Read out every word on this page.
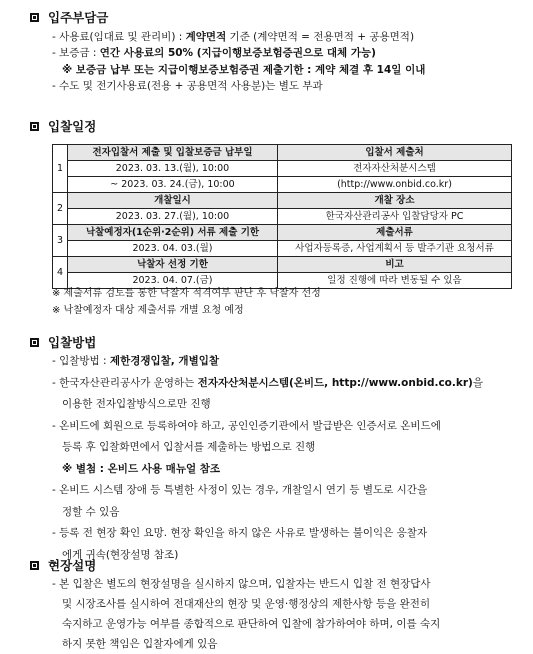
입주부담금
- 사용료(임대료 및 관리비) : 계약면적 기준 (계약면적 = 전용면적 + 공용면적)
- 보증금 : 연간 사용료의 50% (지급이행보증보험증권으로 대체 가능)
※ 보증금 납부 또는 지급이행보증보험증권 제출기한 : 계약 체결 후 14일 이내
- 수도 및 전기사용료(전용 + 공용면적 사용분)는 별도 부과
입찰일정
1	전자입찰서 제출 및 입찰보증금 납부일	입찰서 제출처
	2023. 03. 13.(월), 10:00	전자자산처분시스템
	~ 2023. 03. 24.(금), 10:00	(http://www.onbid.co.kr)
2	개찰일시	개찰 장소
	2023. 03. 27.(월), 10:00	한국자산관리공사 입찰담당자 PC
3	낙찰예정자(1순위·2순위) 서류 제출 기한	제출서류
	2023. 04. 03.(월)	사업자등록증, 사업계획서 등 발주기관 요청서류
4	낙찰자 선정 기한	비고
	2023. 04. 07.(금)	일정 진행에 따라 변동될 수 있음
※ 제출서류 검토를 통한 낙찰자 적격여부 판단 후 낙찰자 선정
※ 낙찰예정자 대상 제출서류 개별 요청 예정
입찰방법
- 입찰방법 : 제한경쟁입찰, 개별입찰
- 한국자산관리공사가 운영하는 전자자산처분시스템(온비드, http://www.onbid.co.kr)을
이용한 전자입찰방식으로만 진행
- 온비드에 회원으로 등록하여야 하고, 공인인증기관에서 발급받은 인증서로 온비드에
등록 후 입찰화면에서 입찰서를 제출하는 방법으로 진행
※ 별첨 : 온비드 사용 매뉴얼 참조
- 온비드 시스템 장애 등 특별한 사정이 있는 경우, 개찰일시 연기 등 별도로 시간을
정할 수 있음
- 등록 전 현장 확인 요망. 현장 확인을 하지 않은 사유로 발생하는 불이익은 응찰자
에게 귀속(현장설명 참조)
현장설명
- 본 입찰은 별도의 현장설명을 실시하지 않으며, 입찰자는 반드시 입찰 전 현장답사
및 시장조사를 실시하여 전대재산의 현장 및 운영·행정상의 제한사항 등을 완전히
숙지하고 운영가능 여부를 종합적으로 판단하여 입찰에 참가하여야 하며, 이를 숙지
하지 못한 책임은 입찰자에게 있음
